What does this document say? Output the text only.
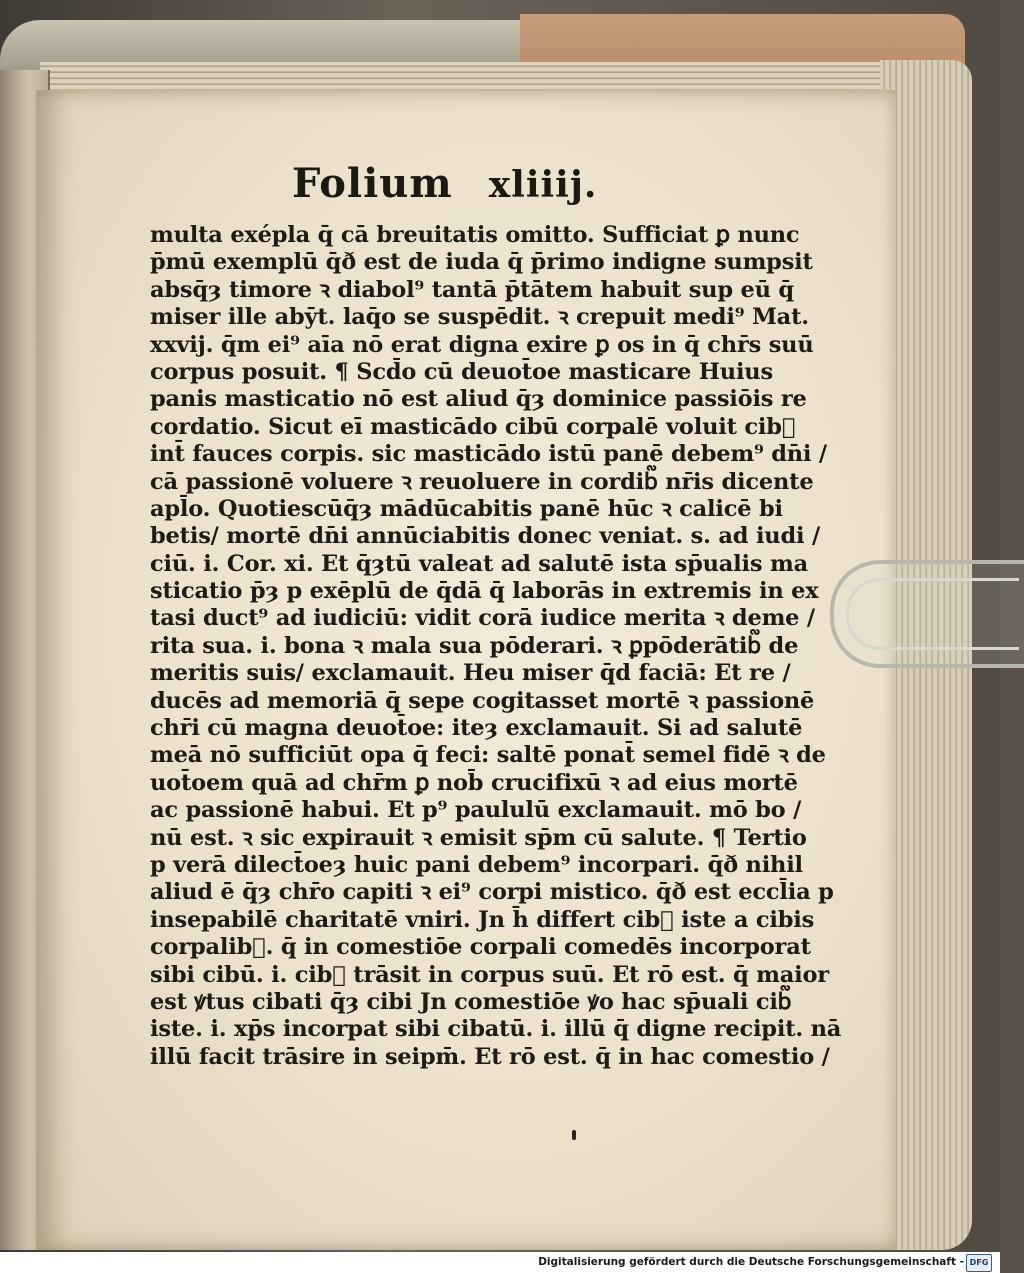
Folium xliiij.
multa exépla q̄ cā breuitatis omitto. Sufficiat ꝑ nunc
p̄mū exemplū q̄ð est de iuda q̄ p̄rimo indigne sumpsit
absq̄ȝ timore ꝛ diabol⁹ tantā p̄tātem habuit sup eū q̄
miser ille abȳt. laq̄o se suspēdit. ꝛ crepuit medi⁹ Mat.
xxvij. q̄m ei⁹ aīa nō erat digna exire ꝑ os in q̄ chr̄s suū
corpus posuit. ¶ Scd̄o cū deuot̄oe masticare Huius
panis masticatio nō est aliud q̄ȝ dominice passiōis re
cordatio. Sicut eī masticādo cibū corpalē voluit cib᷑
int̄ fauces corpis. sic masticādo istū panē debem⁹ dn̄i /
cā passionē voluere ꝛ reuoluere in cordib᷑ nr̄is dicente
apl̄o. Quotiescūq̄ȝ mādūcabitis panē hūc ꝛ calicē bi
betis/ mortē dn̄i annūciabitis donec veniat. s. ad iudi /
ciū. i. Cor. xi. Et q̄ȝtū valeat ad salutē ista sp̄ualis ma
sticatio p̄ȝ p exēplū de q̄dā q̄ laborās in extremis in ex
tasi duct⁹ ad iudiciū: vidit corā iudice merita ꝛ deme /
rita sua. i. bona ꝛ mala sua pōderari. ꝛ ꝑpōderātib᷑ de
meritis suis/ exclamauit. Heu miser q̄d faciā: Et re /
ducēs ad memoriā q̄ sepe cogitasset mortē ꝛ passionē
chr̄i cū magna deuot̄oe: iteȝ exclamauit. Si ad salutē
meā nō sufficiūt opa q̄ feci: saltē ponat̄ semel fidē ꝛ de
uot̄oem quā ad chr̄m ꝑ nob̄ crucifixū ꝛ ad eius mortē
ac passionē habui. Et p⁹ paululū exclamauit. mō bo /
nū est. ꝛ sic expirauit ꝛ emisit sp̄m cū salute. ¶ Tertio
p verā dilect̄oeȝ huic pani debem⁹ incorpari. q̄ð nihil
aliud ē q̄ȝ chr̄o capiti ꝛ ei⁹ corpi mistico. q̄ð est eccl̄ia p
insepabilē charitatē vniri. Jn h̄ differt cib᷑ iste a cibis
corpalib᷑. q̄ in comestiōe corpali comedēs incorporat
sibi cibū. i. cib᷑ trāsit in corpus suū. Et rō est. q̄ maior
est ꝟtus cibati q̄ȝ cibi Jn comestiōe ꝟo hac sp̄uali cib᷑
iste. i. xp̄s incorpat sibi cibatū. i. illū q̄ digne recipit. nā
illū facit trāsire in seipm̄. Et rō est. q̄ in hac comestio /
Digitalisierung gefördert durch die Deutsche Forschungsgemeinschaft - DFG
